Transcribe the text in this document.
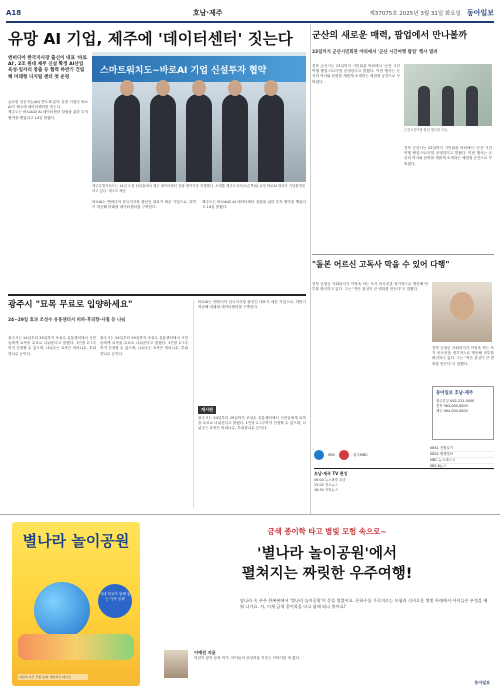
A18	호남·제주	제37075호 2025년 3월 31일 화요일 동아일보
유망 AI 기업, 제주에 '데이터센터' 짓는다
엔비디아 한국지사장 출신이 대표 '바로AI', 2조 원대 제주 신설 확정 AI산업 육성·일자리 창출 등 협력 하반기 건립해 미래형 디지털 센터 첫 운영
스마트워치도~바로AI 기업 신설투자 협약
제주특별자치도는 14일 도청 탐라홀에서 제주 데이터센터 설립 협약식을 진행했다. 오영훈 제주도지사(오른쪽)와 유영 바로AI 대표가 기념촬영을 하고 있다. 제주도 제공

글로벌 인공지능(AI) 반도체 분야 유망 기업인 바로AI가 제주에 데이터센터를 짓는다.

제주도는 바로AI와 AI 데이터센터 설립을 위한 투자 협약을 맺었다고 14일 밝혔다.

바로AI는 엔비디아 한국지사장 출신인 대표가 세운 기업으로, 하반기 착공해 미래형 데이터센터를 구축한다.

제주도는 바로AI와 AI 데이터센터 설립을 위한 투자 협약을 맺었다고 14일 밝혔다.

광주시 "묘목 무료로 입양하세요"
24~29일 효과 조성수 유통센터서 비파·후피향·사철 등 나눠
광주시는 24일부터 29일까지 조성수 유통센터에서 시민들에게 묘목을 무료로 나눠준다고 밝혔다. 1인당 2그루까지 신청할 수 있으며, 나눠주는 묘목은 비파나무, 후피향나무 등이다.
광주시는 24일부터 29일까지 조성수 유통센터에서 시민들에게 묘목을 무료로 나눠준다고 밝혔다. 1인당 2그루까지 신청할 수 있으며, 나눠주는 묘목은 비파나무, 후피향나무 등이다.
게시판
광주시는 24일부터 29일까지 조성수 유통센터에서 시민들에게 묘목을 무료로 나눠준다고 밝혔다. 1인당 2그루까지 신청할 수 있으며, 나눠주는 묘목은 비파나무, 후피향나무 등이다.
바로AI는 엔비디아 한국지사장 출신인 대표가 세운 기업으로, 하반기 착공해 미래형 데이터센터를 구축한다.
군산의 새로운 매력, 팝업에서 만나볼까
23일까지 군산시민회관 야외에서 '군산 시간여행 팝업' 행사 열려
군산시간여행 팝업 행사장 모습.
전북 군산시는 23일까지 시민회관 야외에서 '군산 시간여행 팝업스토어'를 운영한다고 밝혔다. 이번 행사는 군산의 역사와 문화를 새롭게 소개하는 체험형 공간으로 꾸며졌다.
전북 군산시는 23일까지 시민회관 야외에서 '군산 시간여행 팝업스토어'를 운영한다고 밝혔다. 이번 행사는 군산의 역사와 문화를 새롭게 소개하는 체험형 공간으로 꾸며졌다.
"돌본 어르신 고독사 막을 수 있어 다행"
전북 순창군 사회복지사 이영옥 씨는 독거 어르신을 정기적으로 방문해 안부를 확인하고 있다. 그는 "작은 관심이 큰 변화를 만든다"고 말했다.
전북 순창군 사회복지사 이영옥 씨는 독거 어르신을 정기적으로 방문해 안부를 확인하고 있다. 그는 "작은 관심이 큰 변화를 만든다"고 말했다.
동아일보 호남·제주
광주본부 062-231-0000
전북 063-000-0000
제주 064-000-0000
SBS	광주MBC
호남·제주 TV 편성
06:00 뉴스광장 호남
12:00 정오뉴스
18:30 지역뉴스
KBS1 전원일기
KBS2 생생정보
MBC 뉴스데스크
SBS 8뉴스
별나라 놀이공원
지내·학교가 함께 읽는 가족 동화
어린이 우주 모험 동화, 별나라로 떠나요
금색 종이학 타고 별빛 모험 속으로~
'별나라 놀이공원'에서
펼쳐지는 짜릿한 우주여행!
달나라 속 우주 한복판에서 '별나라 놀이공원'이 문을 열었어요. 은하수를 가로지르는 모험과 신비로운 별빛 아래에서 아이들은 우정을 배워 나가요. 자, 이제 금색 종이학을 타고 함께 떠나 볼까요?
이예진 지음
어린이 창작 동화 작가. 아이들의 상상력을 키우는 이야기를 써 왔다.
동아일보
